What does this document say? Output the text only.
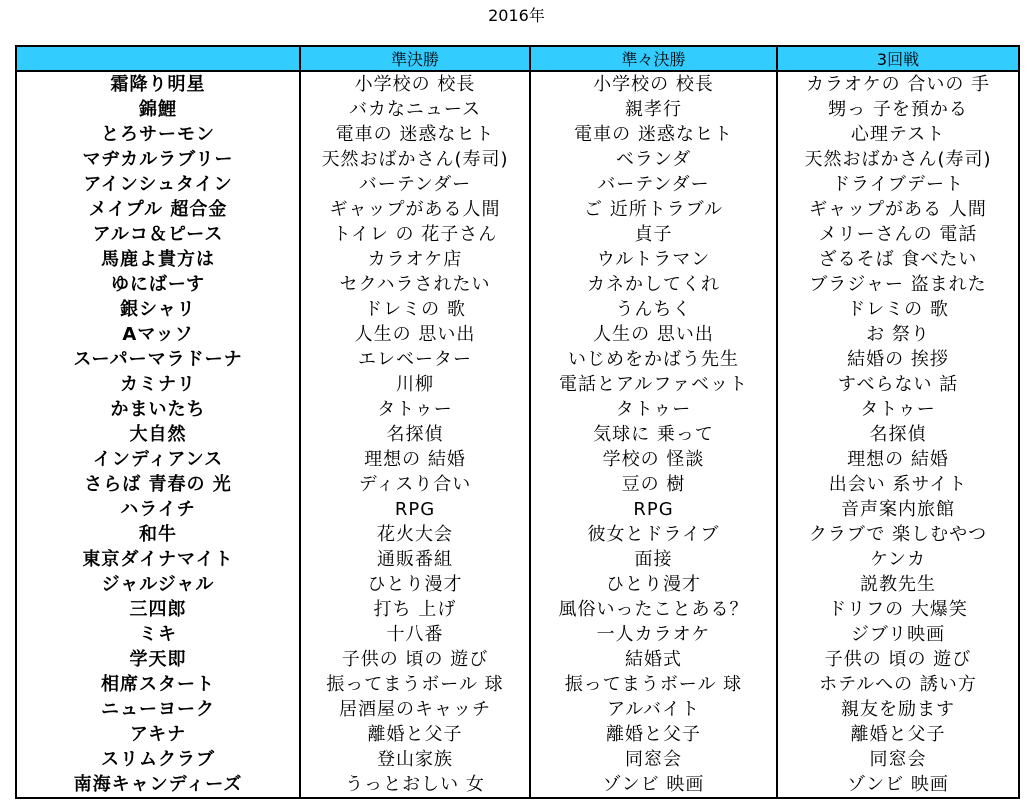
2016年
	準決勝	準々決勝	3回戦
霜降り明星	小学校の 校長	小学校の 校長	カラオケの 合いの 手
錦鯉	バカなニュース	親孝行	甥っ 子を預かる
とろサーモン	電車の 迷惑なヒト	電車の 迷惑なヒト	心理テスト
マヂカルラブリー	天然おばかさん(寿司)	ベランダ	天然おばかさん(寿司)
アインシュタイン	バーテンダー	バーテンダー	ドライブデート
メイプル 超合金	ギャップがある人間	ご 近所トラブル	ギャップがある 人間
アルコ＆ピース	トイレ の 花子さん	貞子	メリーさんの 電話
馬鹿よ貴方は	カラオケ店	ウルトラマン	ざるそば 食べたい
ゆにばーす	セクハラされたい	カネかしてくれ	ブラジャー 盗まれた
銀シャリ	ドレミの 歌	うんちく	ドレミの 歌
Aマッソ	人生の 思い出	人生の 思い出	お 祭り
スーパーマラドーナ	エレベーター	いじめをかばう先生	結婚の 挨拶
カミナリ	川柳	電話とアルファベット	すべらない 話
かまいたち	タトゥー	タトゥー	タトゥー
大自然	名探偵	気球に 乗って	名探偵
インディアンス	理想の 結婚	学校の 怪談	理想の 結婚
さらば 青春の 光	ディスり合い	豆の 樹	出会い 系サイト
ハライチ	RPG	RPG	音声案内旅館
和牛	花火大会	彼女とドライブ	クラブで 楽しむやつ
東京ダイナマイト	通販番組	面接	ケンカ
ジャルジャル	ひとり漫才	ひとり漫才	説教先生
三四郎	打ち 上げ	風俗いったことある？	ドリフの 大爆笑
ミキ	十八番	一人カラオケ	ジブリ映画
学天即	子供の 頃の 遊び	結婚式	子供の 頃の 遊び
相席スタート	振ってまうボール 球	振ってまうボール 球	ホテルへの 誘い方
ニューヨーク	居酒屋のキャッチ	アルバイト	親友を励ます
アキナ	離婚と父子	離婚と父子	離婚と父子
スリムクラブ	登山家族	同窓会	同窓会
南海キャンディーズ	うっとおしい 女	ゾンビ 映画	ゾンビ 映画
